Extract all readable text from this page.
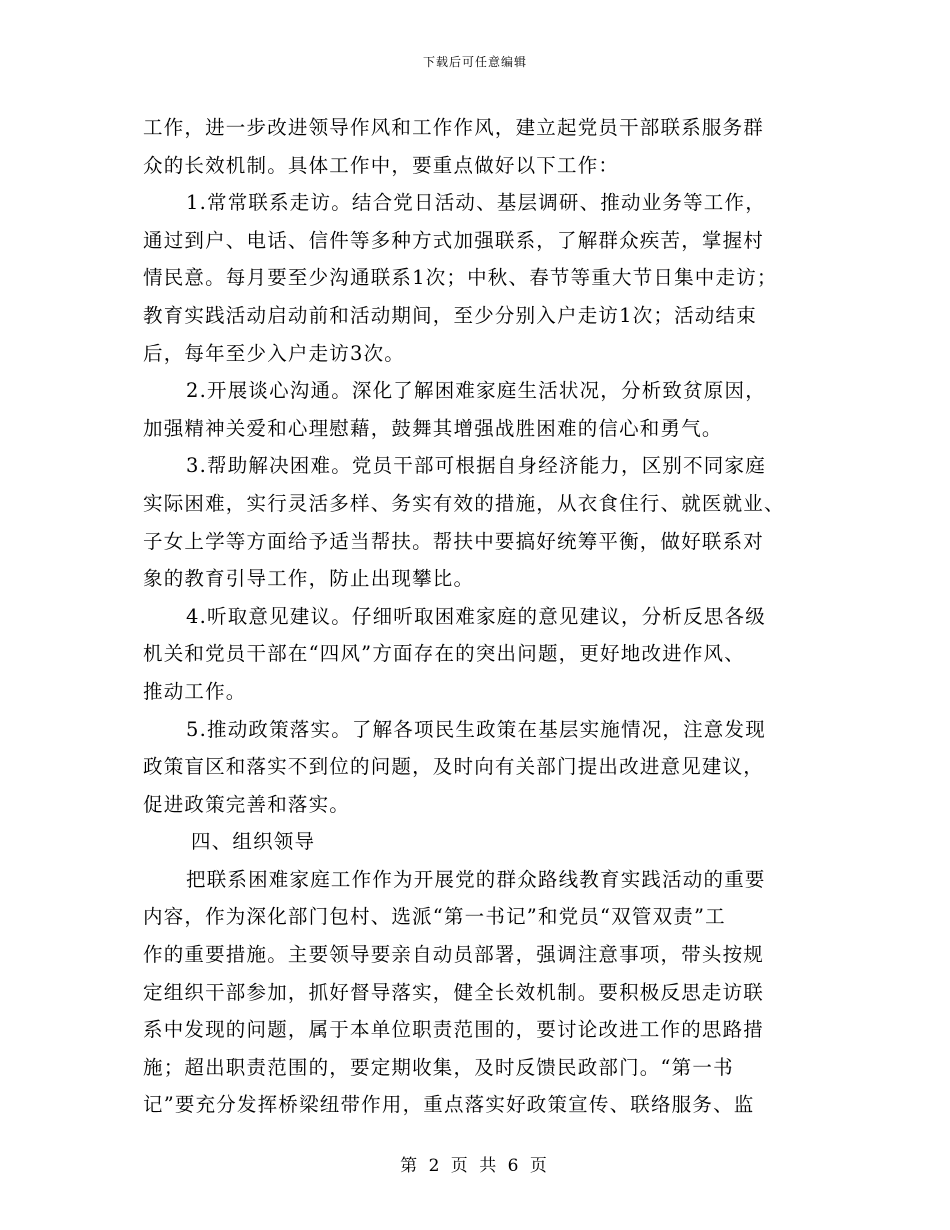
下载后可任意编辑
工作，进一步改进领导作风和工作作风，建立起党员干部联系服务群
众的长效机制。具体工作中，要重点做好以下工作：
1.常常联系走访。结合党日活动、基层调研、推动业务等工作，
通过到户、电话、信件等多种方式加强联系，了解群众疾苦，掌握村
情民意。每月要至少沟通联系1次；中秋、春节等重大节日集中走访；
教育实践活动启动前和活动期间，至少分别入户走访1次；活动结束
后，每年至少入户走访3次。
2.开展谈心沟通。深化了解困难家庭生活状况，分析致贫原因，
加强精神关爱和心理慰藉，鼓舞其增强战胜困难的信心和勇气。
3.帮助解决困难。党员干部可根据自身经济能力，区别不同家庭
实际困难，实行灵活多样、务实有效的措施，从衣食住行、就医就业、
子女上学等方面给予适当帮扶。帮扶中要搞好统筹平衡，做好联系对
象的教育引导工作，防止出现攀比。
4.听取意见建议。仔细听取困难家庭的意见建议，分析反思各级
机关和党员干部在“四风”方面存在的突出问题，更好地改进作风、
推动工作。
5.推动政策落实。了解各项民生政策在基层实施情况，注意发现
政策盲区和落实不到位的问题，及时向有关部门提出改进意见建议，
促进政策完善和落实。
四、组织领导
把联系困难家庭工作作为开展党的群众路线教育实践活动的重要
内容，作为深化部门包村、选派“第一书记”和党员“双管双责”工
作的重要措施。主要领导要亲自动员部署，强调注意事项，带头按规
定组织干部参加，抓好督导落实，健全长效机制。要积极反思走访联
系中发现的问题，属于本单位职责范围的，要讨论改进工作的思路措
施；超出职责范围的，要定期收集，及时反馈民政部门。“第一书
记”要充分发挥桥梁纽带作用，重点落实好政策宣传、联络服务、监
第 2 页 共 6 页
